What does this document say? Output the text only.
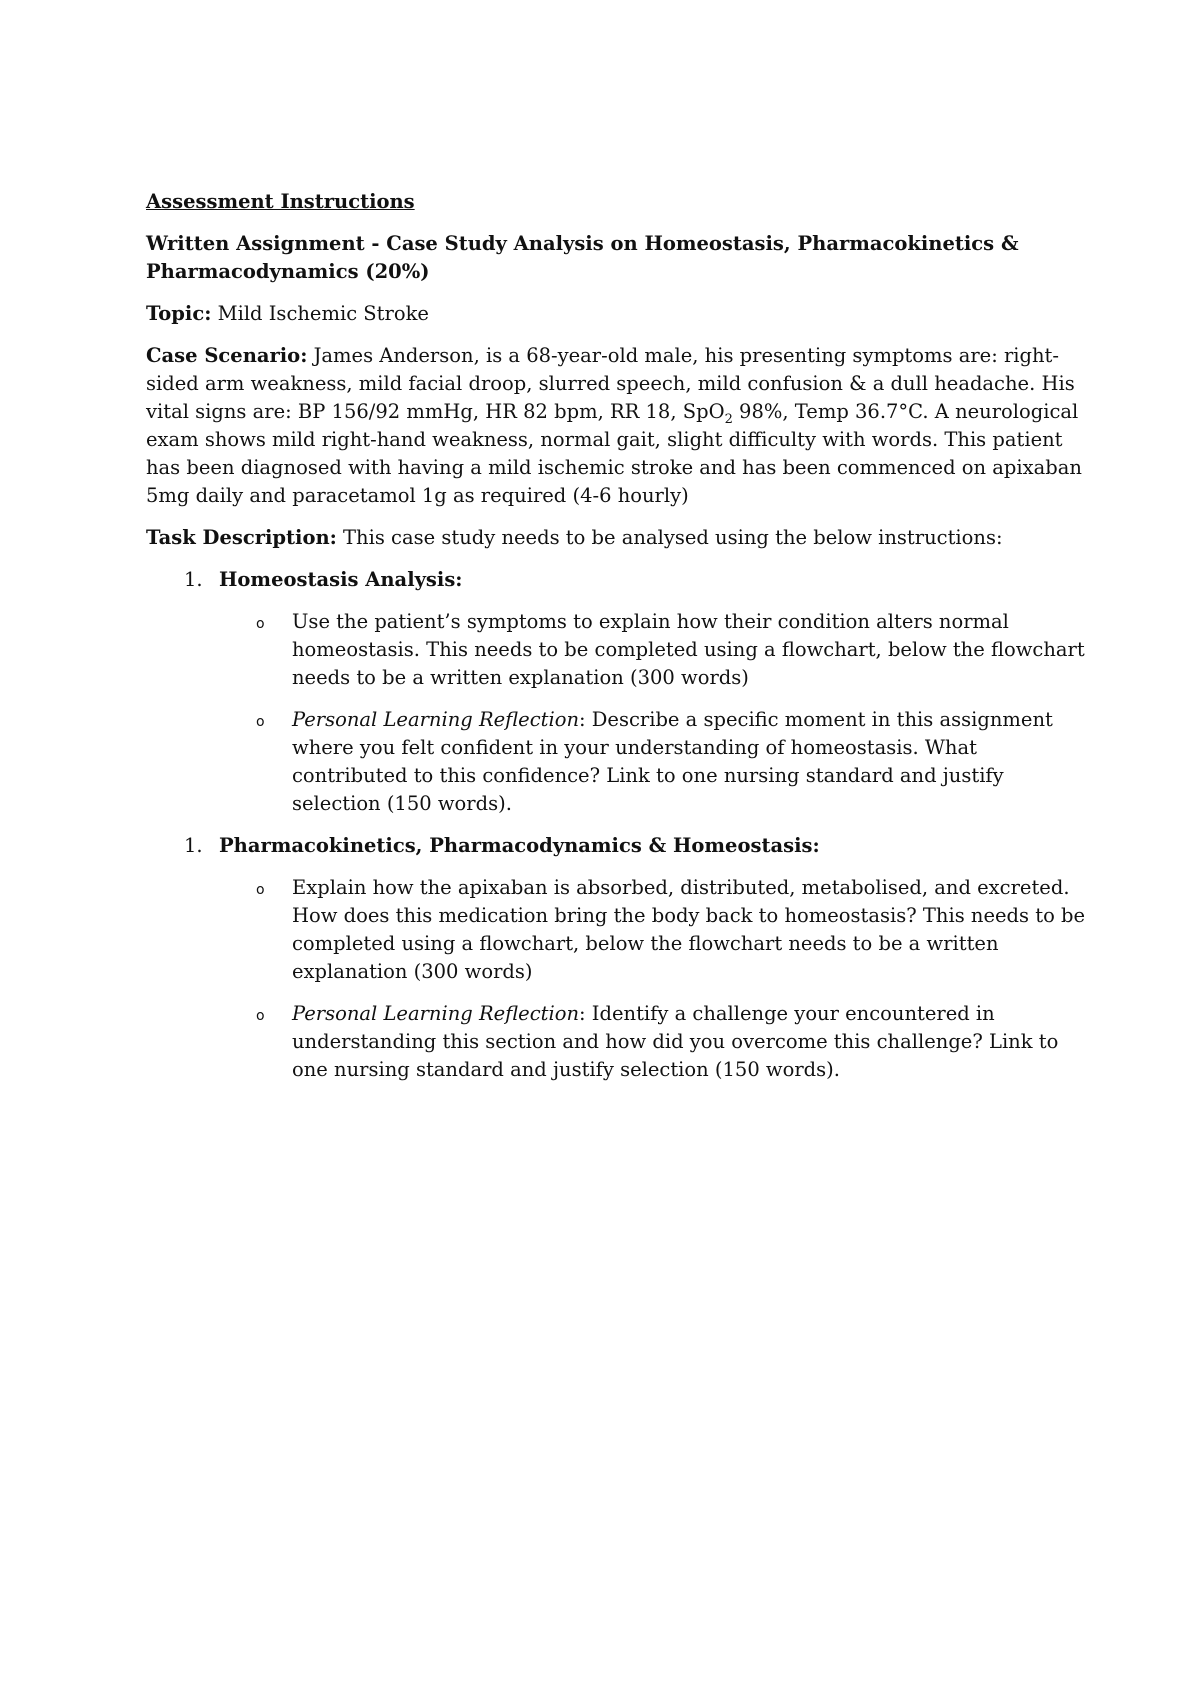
Assessment Instructions
Written Assignment - Case Study Analysis on Homeostasis, Pharmacokinetics & Pharmacodynamics (20%)
Topic: Mild Ischemic Stroke
Case Scenario: James Anderson, is a 68-year-old male, his presenting symptoms are: right-sided arm weakness, mild facial droop, slurred speech, mild confusion & a dull headache. His vital signs are: BP 156/92 mmHg, HR 82 bpm, RR 18, SpO$_2$ 98%, Temp 36.7°C. A neurological exam shows mild right-hand weakness, normal gait, slight difficulty with words. This patient has been diagnosed with having a mild ischemic stroke and has been commenced on apixaban 5mg daily and paracetamol 1g as required (4-6 hourly)
Task Description: This case study needs to be analysed using the below instructions:
1. Homeostasis Analysis:
o Use the patient’s symptoms to explain how their condition alters normal homeostasis. This needs to be completed using a flowchart, below the flowchart needs to be a written explanation (300 words)
o Personal Learning Reflection: Describe a specific moment in this assignment where you felt confident in your understanding of homeostasis. What contributed to this confidence? Link to one nursing standard and justify selection (150 words).
1. Pharmacokinetics, Pharmacodynamics & Homeostasis:
o Explain how the apixaban is absorbed, distributed, metabolised, and excreted. How does this medication bring the body back to homeostasis? This needs to be completed using a flowchart, below the flowchart needs to be a written explanation (300 words)
o Personal Learning Reflection: Identify a challenge your encountered in understanding this section and how did you overcome this challenge? Link to one nursing standard and justify selection (150 words).
